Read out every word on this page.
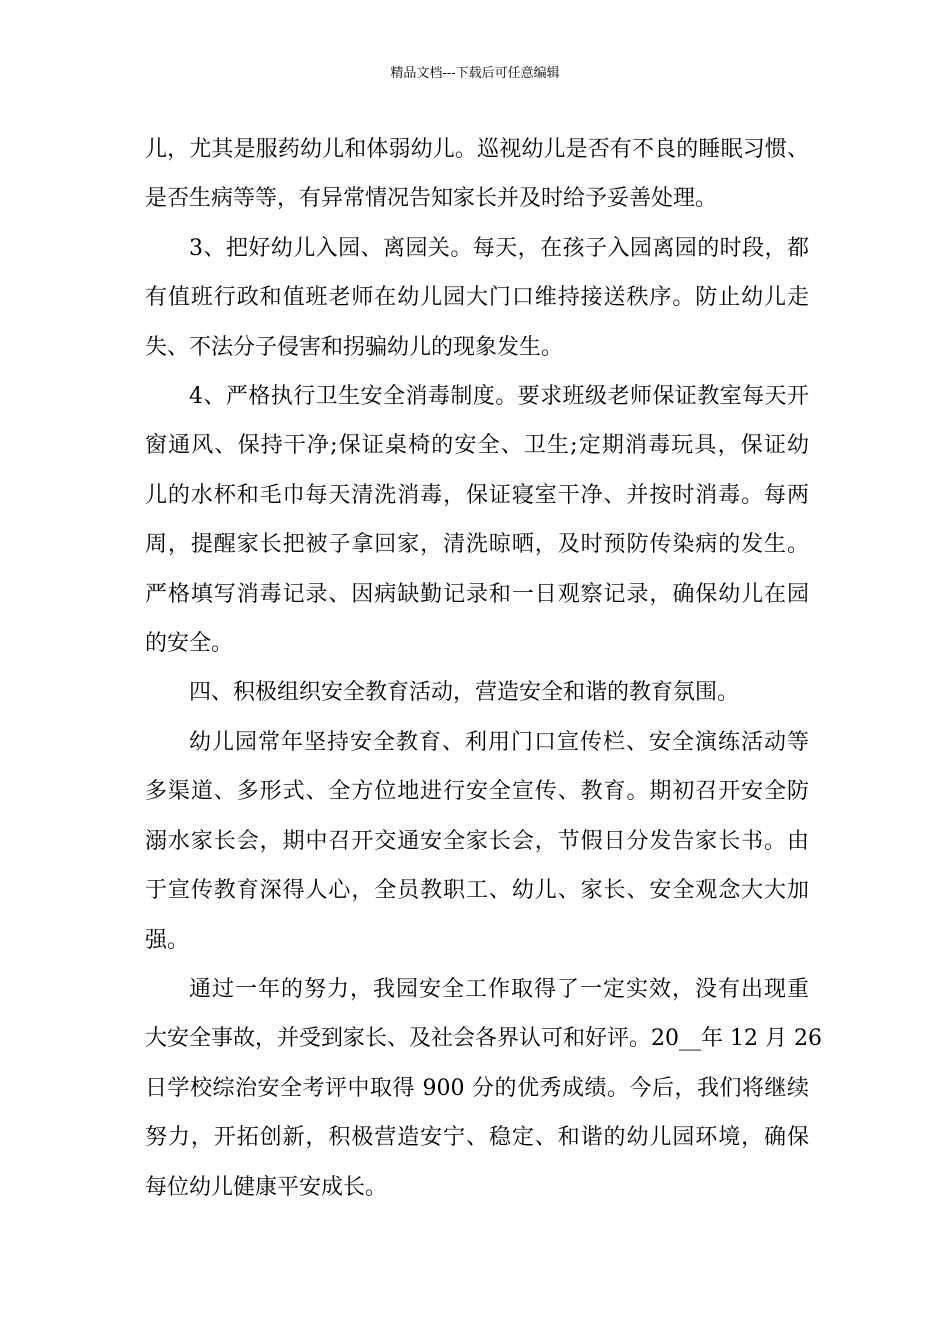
精品文档---下载后可任意编辑
儿，尤其是服药幼儿和体弱幼儿。巡视幼儿是否有不良的睡眠习惯、
是否生病等等，有异常情况告知家长并及时给予妥善处理。
3、把好幼儿入园、离园关。每天，在孩子入园离园的时段，都
有值班行政和值班老师在幼儿园大门口维持接送秩序。防止幼儿走
失、不法分子侵害和拐骗幼儿的现象发生。
4、严格执行卫生安全消毒制度。要求班级老师保证教室每天开
窗通风、保持干净;保证桌椅的安全、卫生;定期消毒玩具，保证幼
儿的水杯和毛巾每天清洗消毒，保证寝室干净、并按时消毒。每两
周，提醒家长把被子拿回家，清洗晾晒，及时预防传染病的发生。
严格填写消毒记录、因病缺勤记录和一日观察记录，确保幼儿在园
的安全。
四、积极组织安全教育活动，营造安全和谐的教育氛围。
幼儿园常年坚持安全教育、利用门口宣传栏、安全演练活动等
多渠道、多形式、全方位地进行安全宣传、教育。期初召开安全防
溺水家长会，期中召开交通安全家长会，节假日分发告家长书。由
于宣传教育深得人心，全员教职工、幼儿、家长、安全观念大大加
强。
通过一年的努力，我园安全工作取得了一定实效，没有出现重
大安全事故，并受到家长、及社会各界认可和好评。20__年 12 月 26
日学校综治安全考评中取得 900 分的优秀成绩。今后，我们将继续
努力，开拓创新，积极营造安宁、稳定、和谐的幼儿园环境，确保
每位幼儿健康平安成长。
